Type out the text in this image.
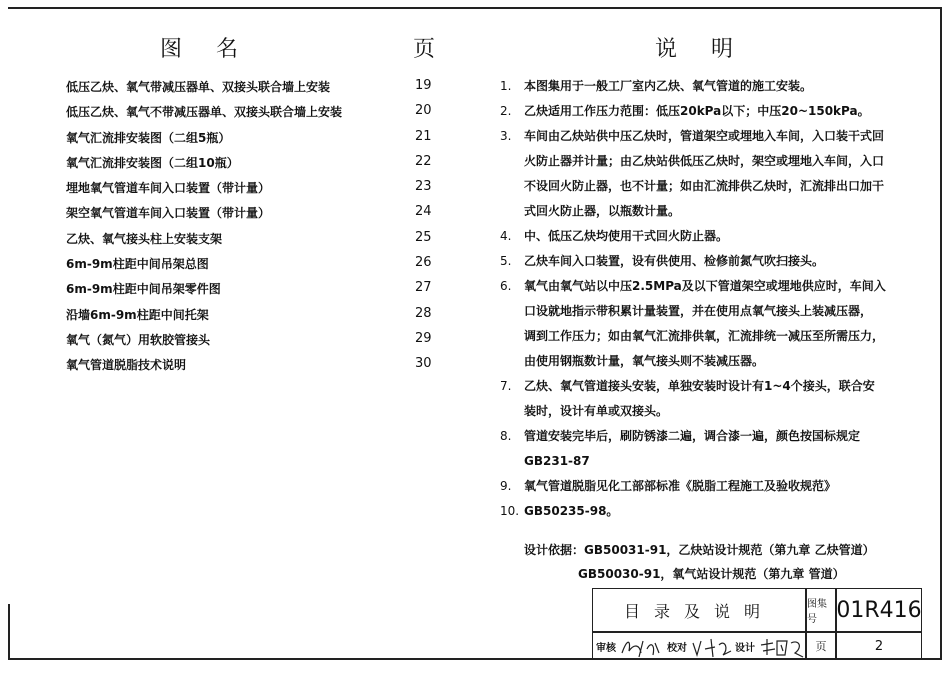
图名	页	说明
低压乙炔、氧气带减压器单、双接头联合墙上安装	19
低压乙炔、氧气不带减压器单、双接头联合墙上安装	20
氧气汇流排安装图（二组5瓶）	21
氧气汇流排安装图（二组10瓶）	22
埋地氧气管道车间入口装置（带计量）	23
架空氧气管道车间入口装置（带计量）	24
乙炔、氧气接头柱上安装支架	25
6m-9m柱距中间吊架总图	26
6m-9m柱距中间吊架零件图	27
沿墙6m-9m柱距中间托架	28
氧气（氮气）用软胶管接头	29
氧气管道脱脂技术说明	30
1. 本图集用于一般工厂室内乙炔、氧气管道的施工安装。
2. 乙炔适用工作压力范围：低压20kPa以下；中压20~150kPa。
3. 车间由乙炔站供中压乙炔时，管道架空或埋地入车间，入口装干式回
火防止器并计量；由乙炔站供低压乙炔时，架空或埋地入车间，入口
不设回火防止器，也不计量；如由汇流排供乙炔时，汇流排出口加干
式回火防止器，以瓶数计量。
4. 中、低压乙炔均使用干式回火防止器。
5. 乙炔车间入口装置，设有供使用、检修前氮气吹扫接头。
6. 氧气由氧气站以中压2.5MPa及以下管道架空或埋地供应时，车间入
口设就地指示带积累计量装置，并在使用点氧气接头上装减压器，
调到工作压力；如由氧气汇流排供氧，汇流排统一减压至所需压力，
由使用钢瓶数计量，氧气接头则不装减压器。
7. 乙炔、氧气管道接头安装，单独安装时设计有1~4个接头，联合安
装时，设计有单或双接头。
8. 管道安装完毕后，刷防锈漆二遍，调合漆一遍，颜色按国标规定
GB231-87
9. 氧气管道脱脂见化工部部标准《脱脂工程施工及验收规范》
10. GB50235-98。
设计依据：GB50031-91，乙炔站设计规范（第九章 乙炔管道）
GB50030-91，氧气站设计规范（第九章 管道）
目录及说明	图集号 01R416
审核	校对	设计	页	2
